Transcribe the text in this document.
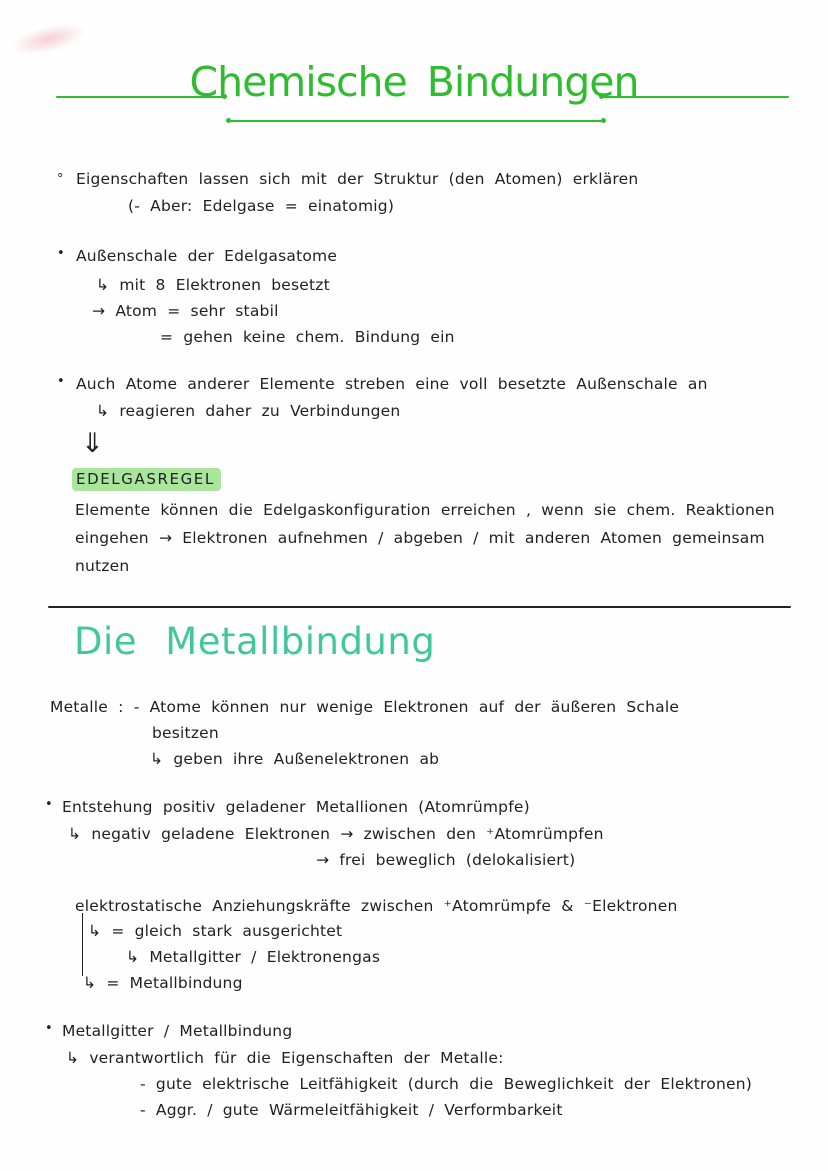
Chemische Bindungen
° Eigenschaften lassen sich mit der Struktur (den Atomen) erklären
(- Aber: Edelgase = einatomig)
• Außenschale der Edelgasatome
↳ mit 8 Elektronen besetzt
→ Atom = sehr stabil
= gehen keine chem. Bindung ein
• Auch Atome anderer Elemente streben eine voll besetzte Außenschale an
↳ reagieren daher zu Verbindungen
⇓
EDELGASREGEL
Elemente können die Edelgaskonfiguration erreichen , wenn sie chem. Reaktionen
eingehen → Elektronen aufnehmen / abgeben / mit anderen Atomen gemeinsam
nutzen
Die Metallbindung
Metalle : - Atome können nur wenige Elektronen auf der äußeren Schale
besitzen
↳ geben ihre Außenelektronen ab
• Entstehung positiv geladener Metallionen (Atomrümpfe)
↳ negativ geladene Elektronen → zwischen den ⁺Atomrümpfen
→ frei beweglich (delokalisiert)
elektrostatische Anziehungskräfte zwischen ⁺Atomrümpfe & ⁻Elektronen
↳ = gleich stark ausgerichtet
↳ Metallgitter / Elektronengas
↳ = Metallbindung
• Metallgitter / Metallbindung
↳ verantwortlich für die Eigenschaften der Metalle:
- gute elektrische Leitfähigkeit (durch die Beweglichkeit der Elektronen)
- Aggr. / gute Wärmeleitfähigkeit / Verformbarkeit
